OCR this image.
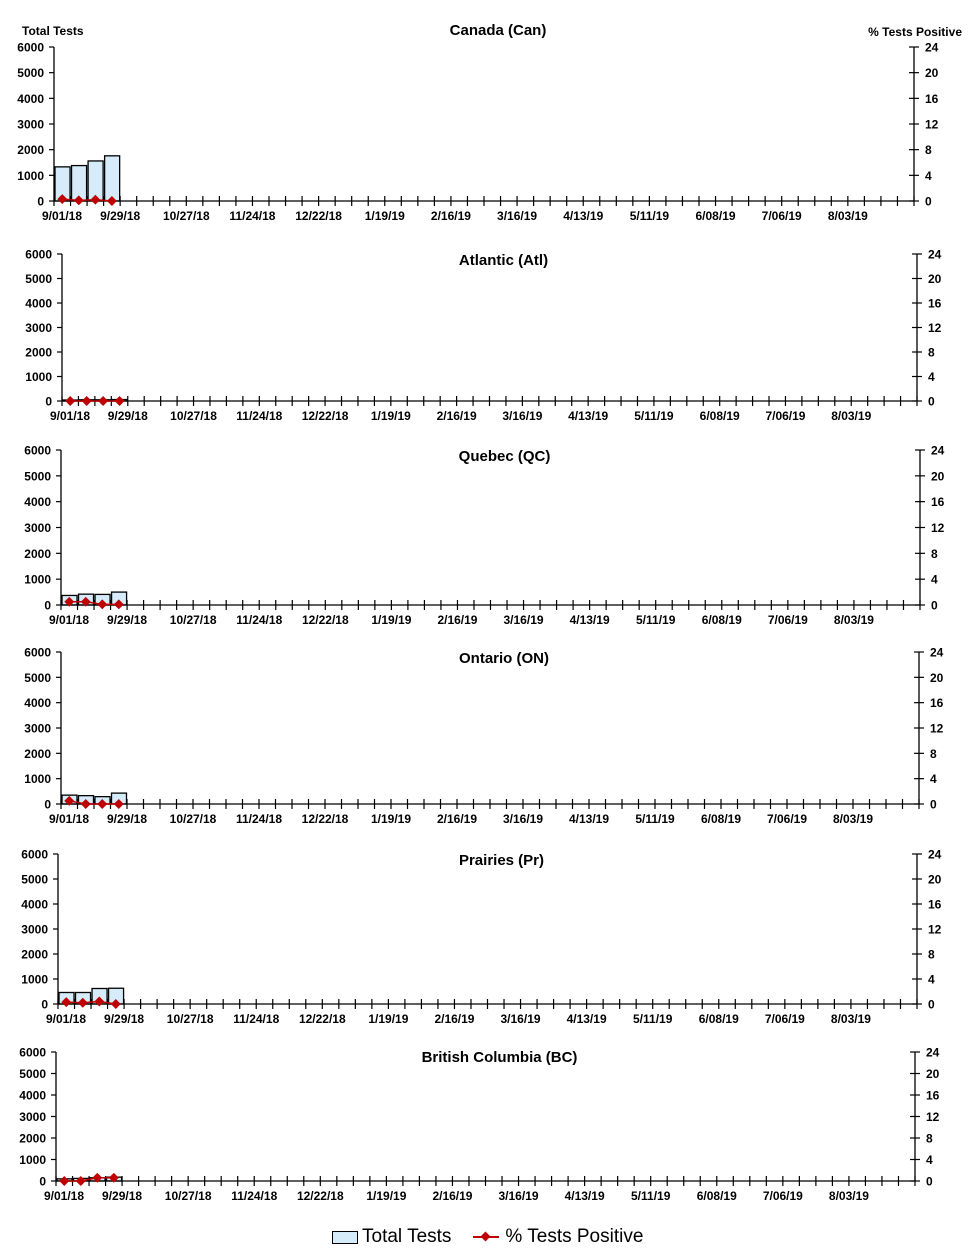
Canada (Can)
Total Tests	% Tests Positive
0
1000
2000
3000
4000
5000
6000
0
4
8
12
16
20
24
9/01/18 9/29/18 10/27/18 11/24/18 12/22/18 1/19/19 2/16/19 3/16/19 4/13/19 5/11/19 6/08/19 7/06/19 8/03/19
Atlantic (Atl)
0
1000
2000
3000
4000
5000
6000
0
4
8
12
16
20
24
9/01/18 9/29/18 10/27/18 11/24/18 12/22/18 1/19/19 2/16/19 3/16/19 4/13/19 5/11/19 6/08/19 7/06/19 8/03/19
Quebec (QC)
0
1000
2000
3000
4000
5000
6000
0
4
8
12
16
20
24
9/01/18 9/29/18 10/27/18 11/24/18 12/22/18 1/19/19 2/16/19 3/16/19 4/13/19 5/11/19 6/08/19 7/06/19 8/03/19
Ontario (ON)
0
1000
2000
3000
4000
5000
6000
0
4
8
12
16
20
24
9/01/18 9/29/18 10/27/18 11/24/18 12/22/18 1/19/19 2/16/19 3/16/19 4/13/19 5/11/19 6/08/19 7/06/19 8/03/19
Prairies (Pr)
0
1000
2000
3000
4000
5000
6000
0
4
8
12
16
20
24
9/01/18 9/29/18 10/27/18 11/24/18 12/22/18 1/19/19 2/16/19 3/16/19 4/13/19 5/11/19 6/08/19 7/06/19 8/03/19
British Columbia (BC)
0
1000
2000
3000
4000
5000
6000
0
4
8
12
16
20
24
9/01/18 9/29/18 10/27/18 11/24/18 12/22/18 1/19/19 2/16/19 3/16/19 4/13/19 5/11/19 6/08/19 7/06/19 8/03/19
Total Tests	% Tests Positive
